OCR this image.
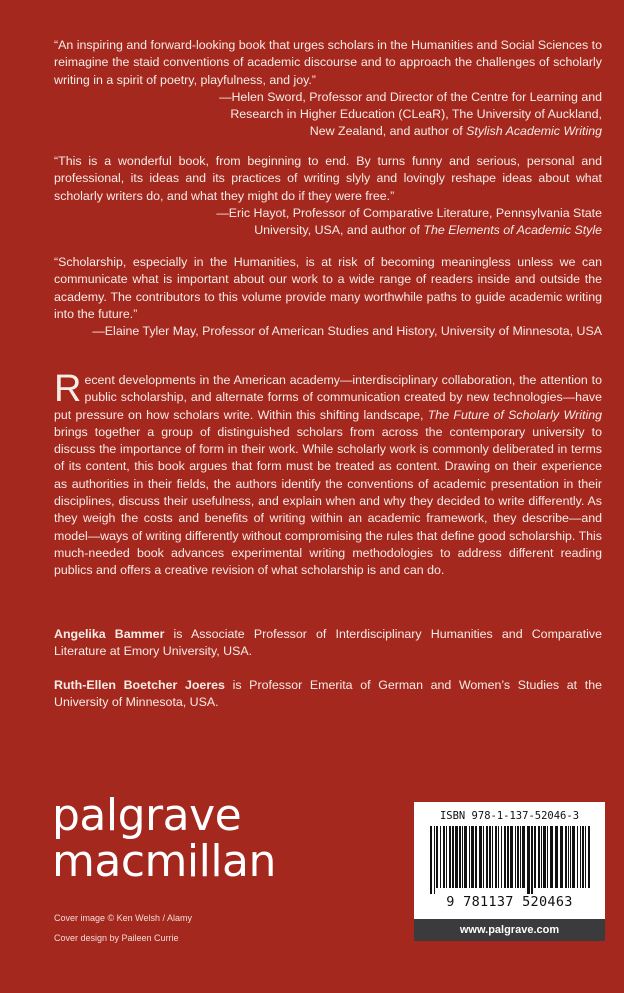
“An inspiring and forward-looking book that urges scholars in the Humanities and Social Sciences to reimagine the staid conventions of academic discourse and to approach the challenges of scholarly writing in a spirit of poetry, playfulness, and joy.”

—Helen Sword, Professor and Director of the Centre for Learning and
Research in Higher Education (CLeaR), The University of Auckland,
New Zealand, and author of Stylish Academic Writing

“This is a wonderful book, from beginning to end. By turns funny and serious, personal and professional, its ideas and its practices of writing slyly and lovingly reshape ideas about what scholarly writers do, and what they might do if they were free.”

—Eric Hayot, Professor of Comparative Literature, Pennsylvania State
University, USA, and author of The Elements of Academic Style

“Scholarship, especially in the Humanities, is at risk of becoming meaningless unless we can communicate what is important about our work to a wide range of readers inside and outside the academy. The contributors to this volume provide many worthwhile paths to guide academic writing into the future.”

—Elaine Tyler May, Professor of American Studies and History, University of Minnesota, USA

Recent developments in the American academy—interdisciplinary collaboration, the attention to public scholarship, and alternate forms of communication created by new technologies—have put pressure on how scholars write. Within this shifting landscape, The Future of Scholarly Writing brings together a group of distinguished scholars from across the contemporary university to discuss the importance of form in their work. While scholarly work is commonly deliberated in terms of its content, this book argues that form must be treated as content. Drawing on their experience as authorities in their fields, the authors identify the conventions of academic presentation in their disciplines, discuss their usefulness, and explain when and why they decided to write differently. As they weigh the costs and benefits of writing within an academic framework, they describe—and model—ways of writing differently without compromising the rules that define good scholarship. This much-needed book advances experimental writing methodologies to address different reading publics and offers a creative revision of what scholarship is and can do.

Angelika Bammer is Associate Professor of Interdisciplinary Humanities and Comparative Literature at Emory University, USA.

Ruth-Ellen Boetcher Joeres is Professor Emerita of German and Women’s Studies at the University of Minnesota, USA.

palgrave
macmillan
Cover image © Ken Welsh / Alamy
Cover design by Paileen Currie
ISBN 978-1-137-52046-3
9 781137 520463
www.palgrave.com
